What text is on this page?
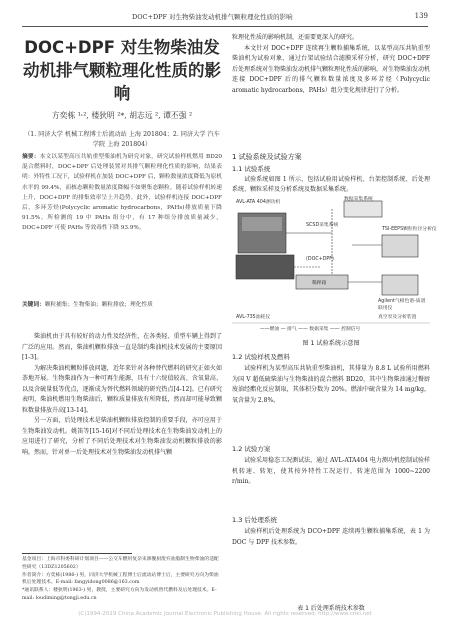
DOC+DPF 对生物柴油发动机排气颗粒理化性质的影响	139
DOC+DPF 对生物柴油发动机排气颗粒理化性质的影响
方奕栋 ¹˒², 楼狄明 ²*, 胡志远 ², 谭丕强 ²
（1. 同济大学 机械工程博士后流动站 上海 201804；2. 同济大学 汽车学院 上海 201804）
摘要：本文以某型高压共轨重型柴油机为研究对象，研究试验样机燃用 BD20 混合燃料时，DOC+DPF 后处理装置对其排气颗粒理化性质的影响，结果表明：外特性工况下，试验样机在加装 DOC+DPF 后，颗粒数量浓度降低为原机水平的 99.4%，而核态颗粒数量浓度降幅不如聚集态颗粒。随着试验样机转速上升，DOC+DPF 的排集效率呈上升趋势。此外，试验样机连接 DOC+DPF 后，多环芳烃(Polycyclic aromatic hydrocarbons，PAHs)排放质量下降 91.5%。所检测的 19 中 PAHs 组分中，有 17 种组分排放质量减少，DOC+DPF 可使 PAHs 等效毒性下降 93.9%。
关键词：颗粒捕集；生物柴油；颗粒排放；理化性质

柴油机由于具有较好的动力性及经济性，在各类轻、重型车辆上得到了广泛的应用。然而，柴油机颗粒排放一直是制约柴油机技术发展的主要原因[1-3]。

为解决柴油机颗粒排放问题，近年来针对各种替代燃料的研究正如火如荼地开展。生物柴油作为一种可再生能源，具有十六烷值较高、含氧量高、以及含硫量低等优点，逐渐成为替代燃料领域的研究热点[4-12]。已有研究表明，柴油机燃用生物柴油后，颗粒质量排放有所降低，然而却可能导致颗粒数量排放升高[13-14]。

另一方面，后处理技术是柴油机颗粒排放控制的重要手段，亦可应用于生物柴油发动机。姚笛等[15-16]对不同后处理技术在生物柴油发动机上的应用进行了研究，分析了不同后处理技术对生物柴油发动机颗粒排放的影响。然而，针对单一后处理技术对生物柴油发动机排气颗

基金项目：上海市科委科研计划项目——公交车燃用复杂来源餐厨废弃油脂制生物柴油的适配性研究（13DZ1205602）
作者简介：方奕栋(1986-) 男，同济大学机械工程博士后流动站博士后，主要研究方向为柴油机后处理技术。E-mail: fangyidong0086@163.com
*通讯联系人：楼狄明(1963-) 男，教授，主要研究方向为发动机替代燃料及后处理技术。E-mail: loudiming@tongji.edu.cn

粒理化性质的影响机制，还需要更深入的研究。

本文针对 DOC+DPF 连续再生颗粒捕集系统，以某型高压共轨重型柴油机为试验对象，通过台架试验结合滤膜采样分析，研究 DOC+DPF 后处理系统对生物柴油发动机排气颗粒理化性质的影响，对生物柴油发动机连接 DOC+DPF 后的排气颗粒数量浓度及多环芳烃（Polycyclic aromatic hydrocarbons，PAHs）组分变化规律进行了分析。

1 试验系统及试验方案
1.1 试验系统

试验系统如图 1 所示，包括试验用试验样机、台架控制系统、后处理系统、颗粒采样及分析系统及数据采集系统。

AVL-ATA 404测功机
数据采集系统
SCSD采集系统
TSI-EEPS颗粒粒径分析仪
(DOC+DPF)
稀释箱
Agilent气相色谱-质谱联用仪
真空泵及分析装置
AVL-735油耗仪
——燃油 — 排气 —— 数据采集 —— 控制信号
图 1 试验系统示意图
1.2 试验样机及燃料

试验样机为某型高压共轨重型柴油机，其排量为 8.8 L 试验所用燃料为国 V 超低硫柴油与生物柴油的混合燃料 BD20，其中生物柴油通过餐厨废油经酯化反应制取，其体积分数为 20%。燃油中硫含量为 14 mg/kg，氧含量为 2.8%。

1.2 试验方案

试验采用稳态工况测试法，通过 AVL-ATA404 电力测功机控制试验样机转速、转矩，使其按外特性工况运行，转速范围为 1000~2200 r/min。

1.3 后处理系统

试验样机后处理系统为 DCO+DPF 连续再生颗粒捕集系统，表 1 为 DOC 与 DPF 技术参数。

表 1 后处理系统技术参数
(C)1994-2019 China Academic Journal Electronic Publishing House. All rights reserved. http://www.cnki.net
